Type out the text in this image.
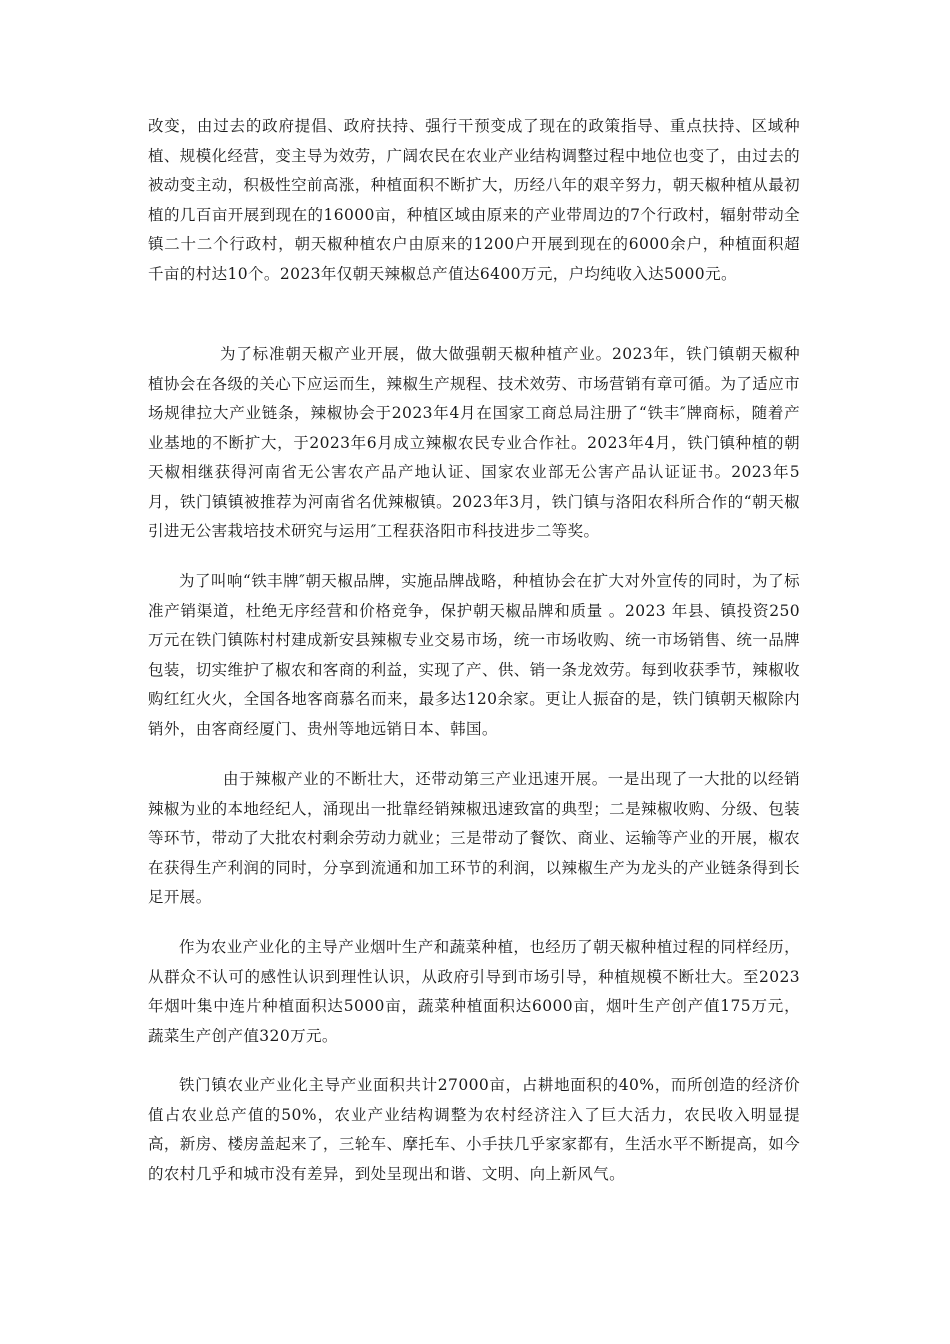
改变，由过去的政府提倡、政府扶持、强行干预变成了现在的政策指导、重点扶持、区域种植、规模化经营，变主导为效劳，广阔农民在农业产业结构调整过程中地位也变了，由过去的被动变主动，积极性空前高涨，种植面积不断扩大，历经八年的艰辛努力，朝天椒种植从最初植的几百亩开展到现在的16000亩，种植区域由原来的产业带周边的7个行政村，辐射带动全镇二十二个行政村，朝天椒种植农户由原来的1200户开展到现在的6000余户，种植面积超千亩的村达10个。2023年仅朝天辣椒总产值达6400万元，户均纯收入达5000元。

为了标准朝天椒产业开展，做大做强朝天椒种植产业。2023年，铁门镇朝天椒种植协会在各级的关心下应运而生，辣椒生产规程、技术效劳、市场营销有章可循。为了适应市场规律拉大产业链条，辣椒协会于2023年4月在国家工商总局注册了“铁丰″牌商标，随着产业基地的不断扩大，于2023年6月成立辣椒农民专业合作社。2023年4月，铁门镇种植的朝天椒相继获得河南省无公害农产品产地认证、国家农业部无公害产品认证证书。2023年5月，铁门镇镇被推荐为河南省名优辣椒镇。2023年3月，铁门镇与洛阳农科所合作的“朝天椒引进无公害栽培技术研究与运用″工程获洛阳市科技进步二等奖。

为了叫响“铁丰牌″朝天椒品牌，实施品牌战略，种植协会在扩大对外宣传的同时，为了标准产销渠道，杜绝无序经营和价格竞争，保护朝天椒品牌和质量 。2023 年县、镇投资250万元在铁门镇陈村村建成新安县辣椒专业交易市场，统一市场收购、统一市场销售、统一品牌包装，切实维护了椒农和客商的利益，实现了产、供、销一条龙效劳。每到收获季节，辣椒收购红红火火，全国各地客商慕名而来，最多达120余家。更让人振奋的是，铁门镇朝天椒除内销外，由客商经厦门、贵州等地远销日本、韩国。

由于辣椒产业的不断壮大，还带动第三产业迅速开展。一是出现了一大批的以经销辣椒为业的本地经纪人，涌现出一批靠经销辣椒迅速致富的典型；二是辣椒收购、分级、包装等环节，带动了大批农村剩余劳动力就业；三是带动了餐饮、商业、运输等产业的开展，椒农在获得生产利润的同时，分享到流通和加工环节的利润，以辣椒生产为龙头的产业链条得到长足开展。

作为农业产业化的主导产业烟叶生产和蔬菜种植，也经历了朝天椒种植过程的同样经历，从群众不认可的感性认识到理性认识，从政府引导到市场引导，种植规模不断壮大。至2023年烟叶集中连片种植面积达5000亩，蔬菜种植面积达6000亩，烟叶生产创产值175万元，蔬菜生产创产值320万元。

铁门镇农业产业化主导产业面积共计27000亩，占耕地面积的40%，而所创造的经济价值占农业总产值的50%，农业产业结构调整为农村经济注入了巨大活力，农民收入明显提高，新房、楼房盖起来了，三轮车、摩托车、小手扶几乎家家都有，生活水平不断提高，如今的农村几乎和城市没有差异，到处呈现出和谐、文明、向上新风气。
